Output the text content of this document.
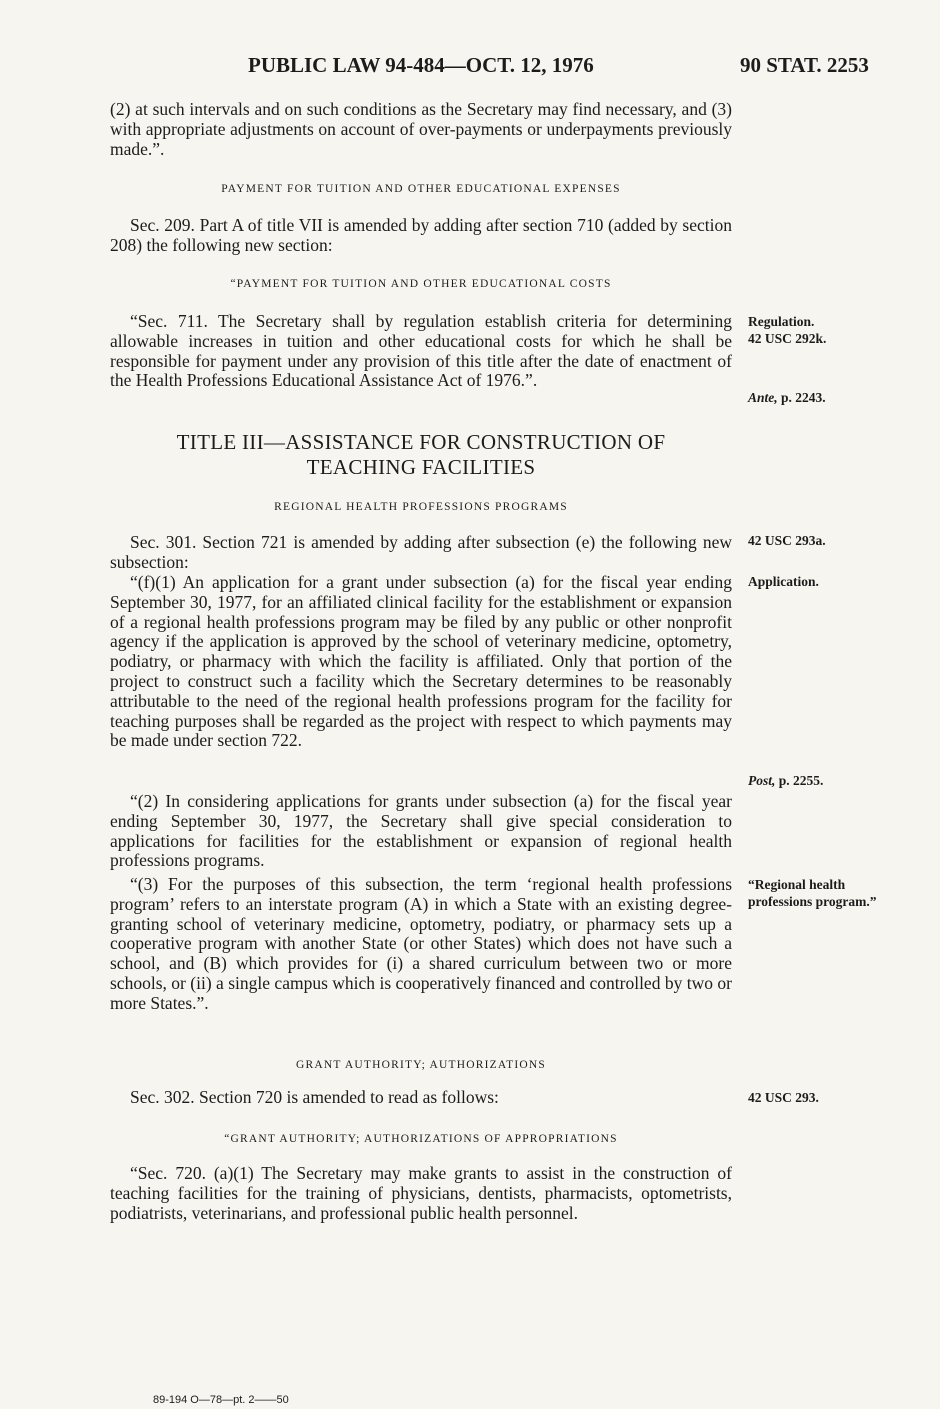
PUBLIC LAW 94-484—OCT. 12, 1976	90 STAT. 2253

(2) at such intervals and on such conditions as the Secretary may find necessary, and (3) with appropriate adjustments on account of over-payments or underpayments previously made.”.

PAYMENT FOR TUITION AND OTHER EDUCATIONAL EXPENSES

Sec. 209. Part A of title VII is amended by adding after section 710 (added by section 208) the following new section:

“PAYMENT FOR TUITION AND OTHER EDUCATIONAL COSTS

“Sec. 711. The Secretary shall by regulation establish criteria for determining allowable increases in tuition and other educational costs for which he shall be responsible for payment under any provision of this title after the date of enactment of the Health Professions Educational Assistance Act of 1976.”.

TITLE III—ASSISTANCE FOR CONSTRUCTION OF
TEACHING FACILITIES
REGIONAL HEALTH PROFESSIONS PROGRAMS

Sec. 301. Section 721 is amended by adding after subsection (e) the following new subsection:

“(f)(1) An application for a grant under subsection (a) for the fiscal year ending September 30, 1977, for an affiliated clinical facility for the establishment or expansion of a regional health professions program may be filed by any public or other nonprofit agency if the application is approved by the school of veterinary medicine, optometry, podiatry, or pharmacy with which the facility is affiliated. Only that portion of the project to construct such a facility which the Secretary determines to be reasonably attributable to the need of the regional health professions program for the facility for teaching purposes shall be regarded as the project with respect to which payments may be made under section 722.

“(2) In considering applications for grants under subsection (a) for the fiscal year ending September 30, 1977, the Secretary shall give special consideration to applications for facilities for the establishment or expansion of regional health professions programs.

“(3) For the purposes of this subsection, the term ‘regional health professions program’ refers to an interstate program (A) in which a State with an existing degree-granting school of veterinary medicine, optometry, podiatry, or pharmacy sets up a cooperative program with another State (or other States) which does not have such a school, and (B) which provides for (i) a shared curriculum between two or more schools, or (ii) a single campus which is cooperatively financed and controlled by two or more States.”.

GRANT AUTHORITY; AUTHORIZATIONS

Sec. 302. Section 720 is amended to read as follows:

“GRANT AUTHORITY; AUTHORIZATIONS OF APPROPRIATIONS

“Sec. 720. (a)(1) The Secretary may make grants to assist in the construction of teaching facilities for the training of physicians, dentists, pharmacists, optometrists, podiatrists, veterinarians, and professional public health personnel.

Regulation.
42 USC 292k.
Ante, p. 2243.
42 USC 293a.
Application.
Post, p. 2255.
“Regional health professions program.”
42 USC 293.
89-194 O—78—pt. 2——50
